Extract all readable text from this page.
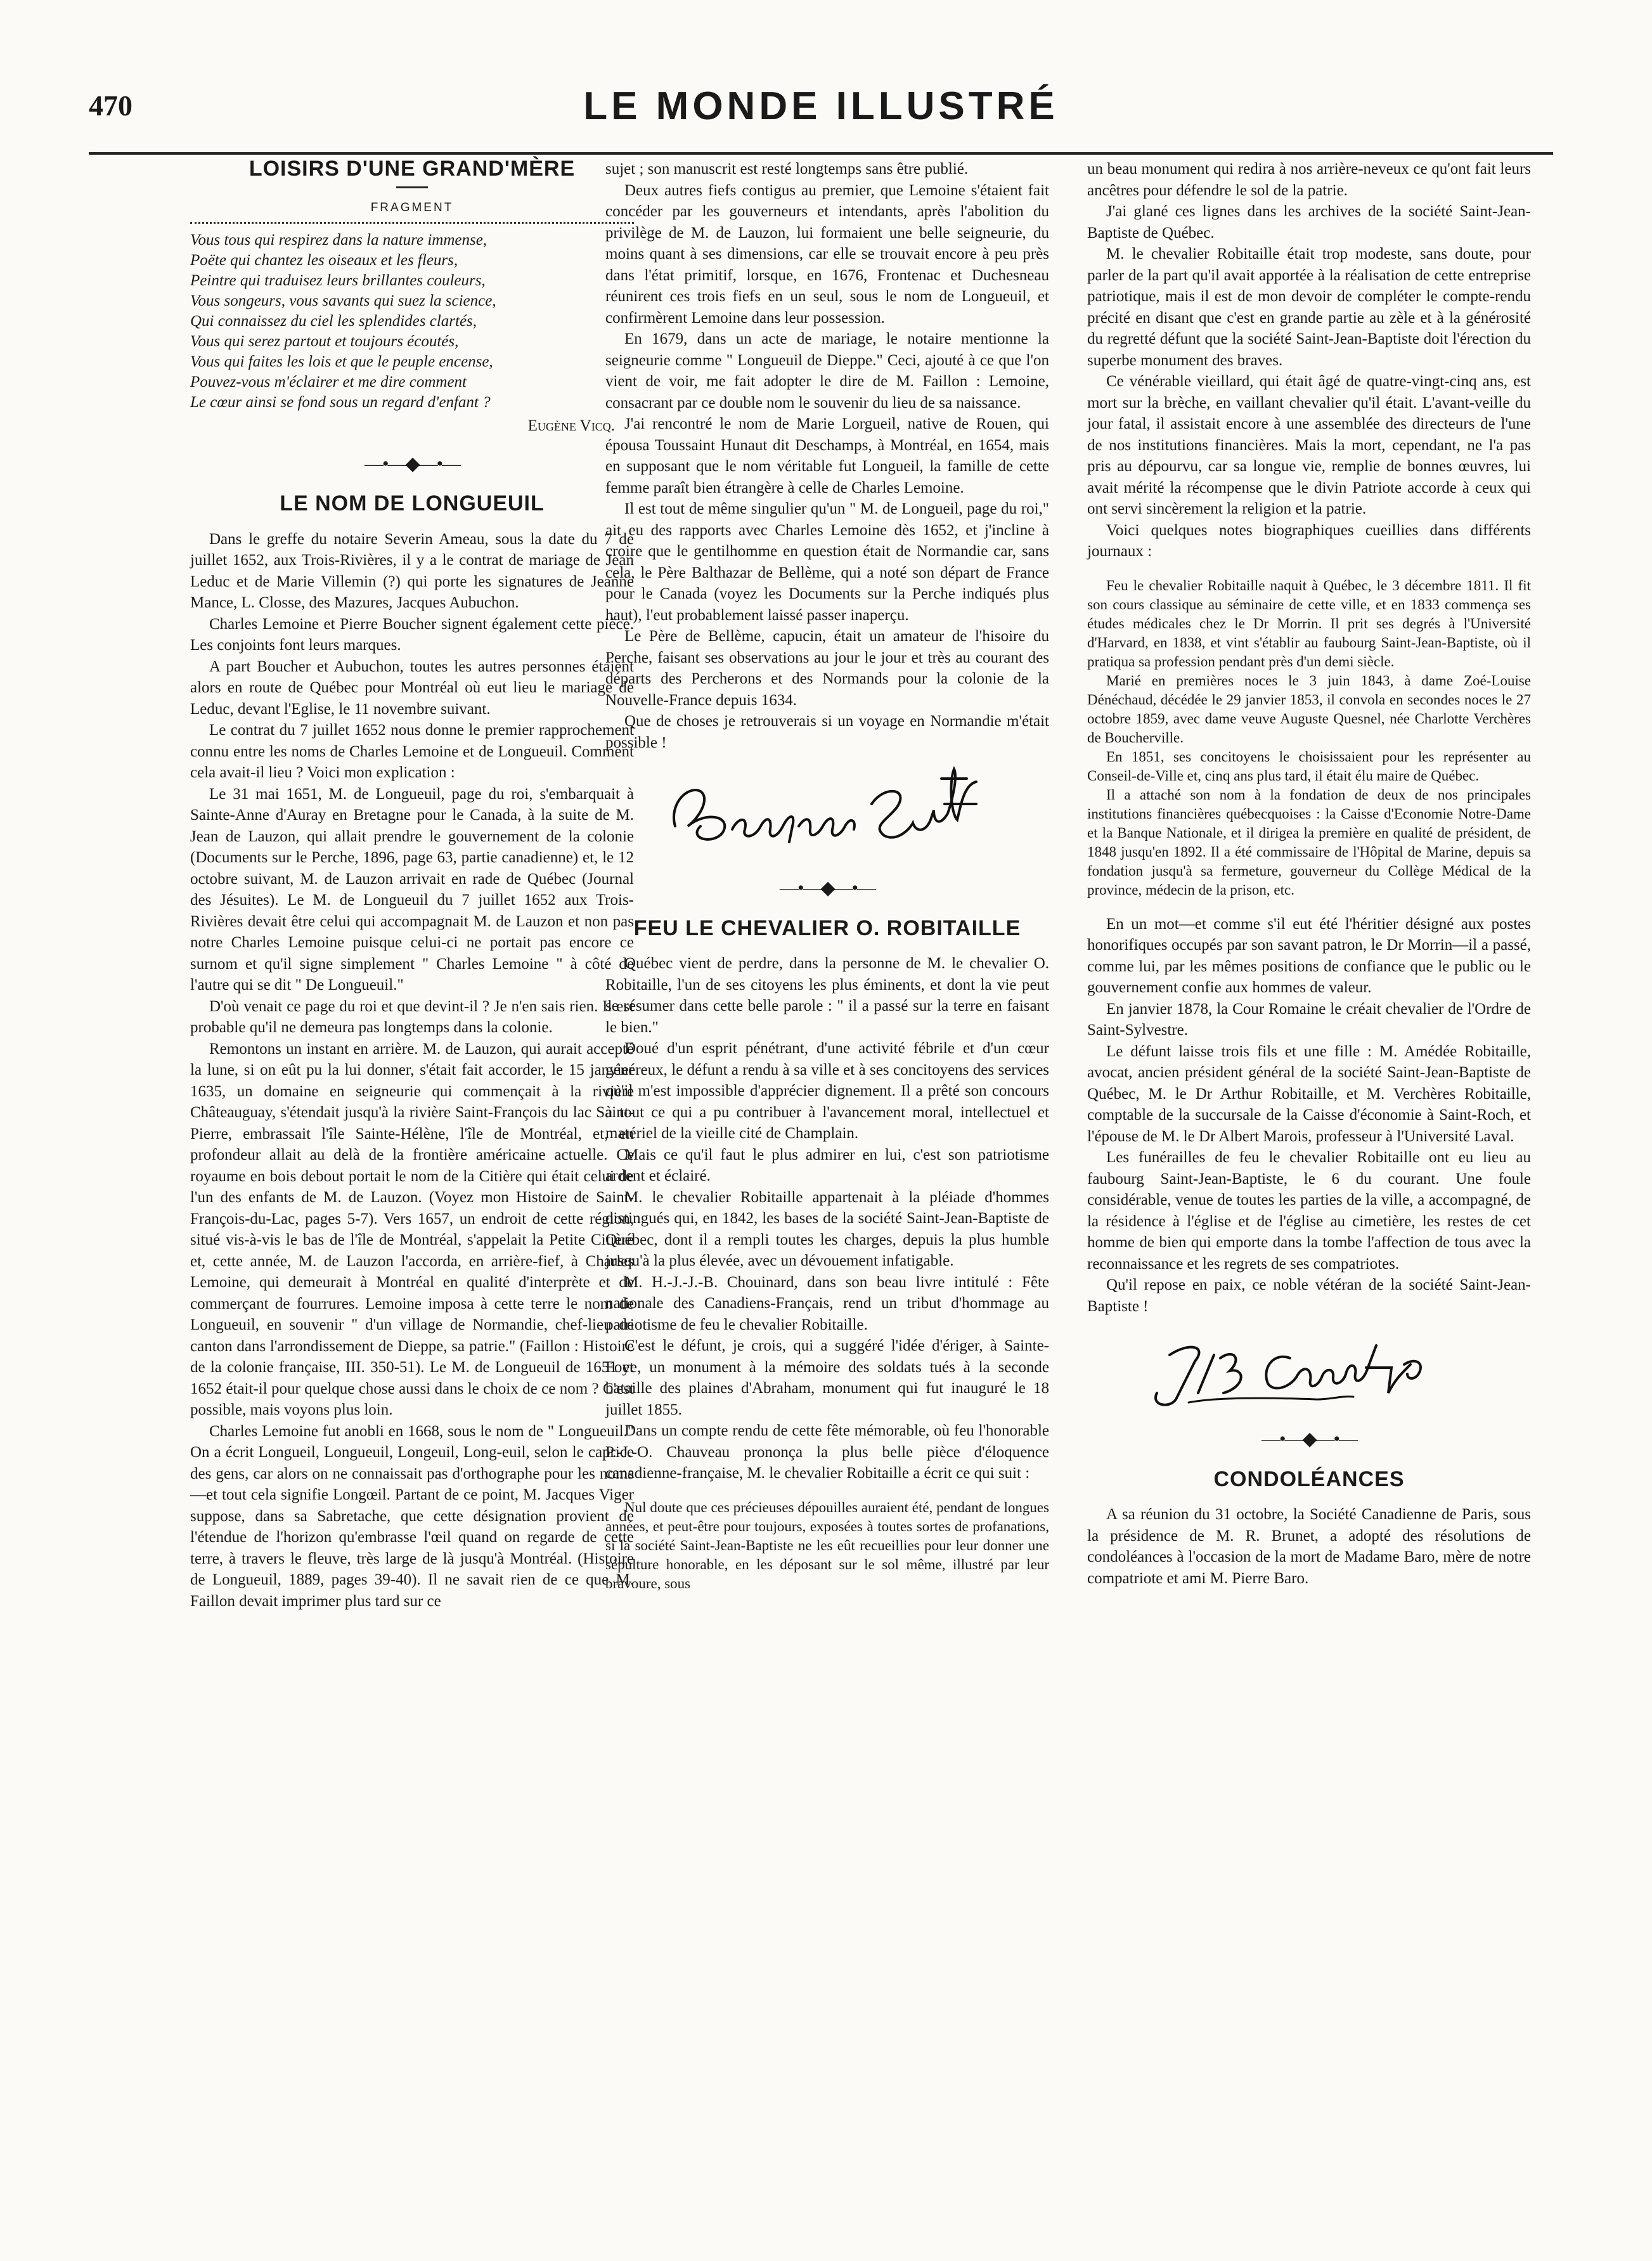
470	LE MONDE ILLUSTRÉ
LOISIRS D'UNE GRAND'MÈRE
FRAGMENT

Vous tous qui respirez dans la nature immense,

Poëte qui chantez les oiseaux et les fleurs,

Peintre qui traduisez leurs brillantes couleurs,

Vous songeurs, vous savants qui suez la science,

Qui connaissez du ciel les splendides clartés,

Vous qui serez partout et toujours écoutés,

Vous qui faites les lois et que le peuple encense,

Pouvez-vous m'éclairer et me dire comment

Le cœur ainsi se fond sous un regard d'enfant ?

Eugène Vicq.
—•—◆—•—
LE NOM DE LONGUEUIL

Dans le greffe du notaire Severin Ameau, sous la date du 7 de juillet 1652, aux Trois-Rivières, il y a le contrat de mariage de Jean Leduc et de Marie Villemin (?) qui porte les signatures de Jeanne Mance, L. Closse, des Mazures, Jacques Aubuchon.

Charles Lemoine et Pierre Boucher signent également cette pièce. Les conjoints font leurs marques.

A part Boucher et Aubuchon, toutes les autres personnes étaient alors en route de Québec pour Montréal où eut lieu le mariage de Leduc, devant l'Eglise, le 11 novembre suivant.

Le contrat du 7 juillet 1652 nous donne le premier rapprochement connu entre les noms de Charles Lemoine et de Longueuil. Comment cela avait-il lieu ? Voici mon explication :

Le 31 mai 1651, M. de Longueuil, page du roi, s'embarquait à Sainte-Anne d'Auray en Bretagne pour le Canada, à la suite de M. Jean de Lauzon, qui allait prendre le gouvernement de la colonie (Documents sur le Perche, 1896, page 63, partie canadienne) et, le 12 octobre suivant, M. de Lauzon arrivait en rade de Québec (Journal des Jésuites). Le M. de Longueuil du 7 juillet 1652 aux Trois-Rivières devait être celui qui accompagnait M. de Lauzon et non pas notre Charles Lemoine puisque celui-ci ne portait pas encore ce surnom et qu'il signe simplement " Charles Lemoine " à côté de l'autre qui se dit " De Longueuil."

D'où venait ce page du roi et que devint-il ? Je n'en sais rien. Il est probable qu'il ne demeura pas longtemps dans la colonie.

Remontons un instant en arrière. M. de Lauzon, qui aurait accepté la lune, si on eût pu la lui donner, s'était fait accorder, le 15 janvier 1635, un domaine en seigneurie qui commençait à la rivière Châteauguay, s'étendait jusqu'à la rivière Saint-François du lac Saint-Pierre, embrassait l'île Sainte-Hélène, l'île de Montréal, et, en profondeur allait au delà de la frontière américaine actuelle. Ce royaume en bois debout portait le nom de la Citière qui était celui de l'un des enfants de M. de Lauzon. (Voyez mon Histoire de Saint-François-du-Lac, pages 5-7). Vers 1657, un endroit de cette région, situé vis-à-vis le bas de l'île de Montréal, s'appelait la Petite Citière et, cette année, M. de Lauzon l'accorda, en arrière-fief, à Charles Lemoine, qui demeurait à Montréal en qualité d'interprète et de commerçant de fourrures. Lemoine imposa à cette terre le nom de Longueuil, en souvenir " d'un village de Normandie, chef-lieu de canton dans l'arrondissement de Dieppe, sa patrie." (Faillon : Histoire de la colonie française, III. 350-51). Le M. de Longueuil de 1651 et 1652 était-il pour quelque chose aussi dans le choix de ce nom ? C'est possible, mais voyons plus loin.

Charles Lemoine fut anobli en 1668, sous le nom de " Longueuil." On a écrit Longueil, Longueuil, Longeuil, Long-euil, selon le caprice des gens, car alors on ne connaissait pas d'orthographe pour les noms—et tout cela signifie Longœil. Partant de ce point, M. Jacques Viger suppose, dans sa Sabretache, que cette désignation provient de l'étendue de l'horizon qu'embrasse l'œil quand on regarde de cette terre, à travers le fleuve, très large de là jusqu'à Montréal. (Histoire de Longueuil, 1889, pages 39-40). Il ne savait rien de ce que M. Faillon devait imprimer plus tard sur ce

sujet ; son manuscrit est resté longtemps sans être publié.

Deux autres fiefs contigus au premier, que Lemoine s'étaient fait concéder par les gouverneurs et intendants, après l'abolition du privilège de M. de Lauzon, lui formaient une belle seigneurie, du moins quant à ses dimensions, car elle se trouvait encore à peu près dans l'état primitif, lorsque, en 1676, Frontenac et Duchesneau réunirent ces trois fiefs en un seul, sous le nom de Longueuil, et confirmèrent Lemoine dans leur possession.

En 1679, dans un acte de mariage, le notaire mentionne la seigneurie comme " Longueuil de Dieppe." Ceci, ajouté à ce que l'on vient de voir, me fait adopter le dire de M. Faillon : Lemoine, consacrant par ce double nom le souvenir du lieu de sa naissance.

J'ai rencontré le nom de Marie Lorgueil, native de Rouen, qui épousa Toussaint Hunaut dit Deschamps, à Montréal, en 1654, mais en supposant que le nom véritable fut Longueil, la famille de cette femme paraît bien étrangère à celle de Charles Lemoine.

Il est tout de même singulier qu'un " M. de Longueil, page du roi," ait eu des rapports avec Charles Lemoine dès 1652, et j'incline à croire que le gentilhomme en question était de Normandie car, sans cela, le Père Balthazar de Bellème, qui a noté son départ de France pour le Canada (voyez les Documents sur la Perche indiqués plus haut), l'eut probablement laissé passer inaperçu.

Le Père de Bellème, capucin, était un amateur de l'hisoire du Perche, faisant ses observations au jour le jour et très au courant des départs des Percherons et des Normands pour la colonie de la Nouvelle-France depuis 1634.

Que de choses je retrouverais si un voyage en Normandie m'était possible !

—•—◆—•—
FEU LE CHEVALIER O. ROBITAILLE

Québec vient de perdre, dans la personne de M. le chevalier O. Robitaille, l'un de ses citoyens les plus éminents, et dont la vie peut se résumer dans cette belle parole : " il a passé sur la terre en faisant le bien."

Doué d'un esprit pénétrant, d'une activité fébrile et d'un cœur généreux, le défunt a rendu à sa ville et à ses concitoyens des services qu'il m'est impossible d'apprécier dignement. Il a prêté son concours à tout ce qui a pu contribuer à l'avancement moral, intellectuel et matériel de la vieille cité de Champlain.

Mais ce qu'il faut le plus admirer en lui, c'est son patriotisme ardent et éclairé.

M. le chevalier Robitaille appartenait à la pléiade d'hommes distingués qui, en 1842, les bases de la société Saint-Jean-Baptiste de Québec, dont il a rempli toutes les charges, depuis la plus humble jusqu'à la plus élevée, avec un dévouement infatigable.

M. H.-J.-J.-B. Chouinard, dans son beau livre intitulé : Fête nationale des Canadiens-Français, rend un tribut d'hommage au patriotisme de feu le chevalier Robitaille.

C'est le défunt, je crois, qui a suggéré l'idée d'ériger, à Sainte-Foye, un monument à la mémoire des soldats tués à la seconde bataille des plaines d'Abraham, monument qui fut inauguré le 18 juillet 1855.

Dans un compte rendu de cette fête mémorable, où feu l'honorable P.-J.-O. Chauveau prononça la plus belle pièce d'éloquence canadienne-française, M. le chevalier Robitaille a écrit ce qui suit :

Nul doute que ces précieuses dépouilles auraient été, pendant de longues années, et peut-être pour toujours, exposées à toutes sortes de profanations, si la société Saint-Jean-Baptiste ne les eût recueillies pour leur donner une sépulture honorable, en les déposant sur le sol même, illustré par leur bravoure, sous

un beau monument qui redira à nos arrière-neveux ce qu'ont fait leurs ancêtres pour défendre le sol de la patrie.

J'ai glané ces lignes dans les archives de la société Saint-Jean-Baptiste de Québec.

M. le chevalier Robitaille était trop modeste, sans doute, pour parler de la part qu'il avait apportée à la réalisation de cette entreprise patriotique, mais il est de mon devoir de compléter le compte-rendu précité en disant que c'est en grande partie au zèle et à la générosité du regretté défunt que la société Saint-Jean-Baptiste doit l'érection du superbe monument des braves.

Ce vénérable vieillard, qui était âgé de quatre-vingt-cinq ans, est mort sur la brèche, en vaillant chevalier qu'il était. L'avant-veille du jour fatal, il assistait encore à une assemblée des directeurs de l'une de nos institutions financières. Mais la mort, cependant, ne l'a pas pris au dépourvu, car sa longue vie, remplie de bonnes œuvres, lui avait mérité la récompense que le divin Patriote accorde à ceux qui ont servi sincèrement la religion et la patrie.

Voici quelques notes biographiques cueillies dans différents journaux :

Feu le chevalier Robitaille naquit à Québec, le 3 décembre 1811. Il fit son cours classique au séminaire de cette ville, et en 1833 commença ses études médicales chez le Dr Morrin. Il prit ses degrés à l'Université d'Harvard, en 1838, et vint s'établir au faubourg Saint-Jean-Baptiste, où il pratiqua sa profession pendant près d'un demi siècle.

Marié en premières noces le 3 juin 1843, à dame Zoé-Louise Dénéchaud, décédée le 29 janvier 1853, il convola en secondes noces le 27 octobre 1859, avec dame veuve Auguste Quesnel, née Charlotte Verchères de Boucherville.

En 1851, ses concitoyens le choisissaient pour les représenter au Conseil-de-Ville et, cinq ans plus tard, il était élu maire de Québec.

Il a attaché son nom à la fondation de deux de nos principales institutions financières québecquoises : la Caisse d'Economie Notre-Dame et la Banque Nationale, et il dirigea la première en qualité de président, de 1848 jusqu'en 1892. Il a été commissaire de l'Hôpital de Marine, depuis sa fondation jusqu'à sa fermeture, gouverneur du Collège Médical de la province, médecin de la prison, etc.

En un mot—et comme s'il eut été l'héritier désigné aux postes honorifiques occupés par son savant patron, le Dr Morrin—il a passé, comme lui, par les mêmes positions de confiance que le public ou le gouvernement confie aux hommes de valeur.

En janvier 1878, la Cour Romaine le créait chevalier de l'Ordre de Saint-Sylvestre.

Le défunt laisse trois fils et une fille : M. Amédée Robitaille, avocat, ancien président général de la société Saint-Jean-Baptiste de Québec, M. le Dr Arthur Robitaille, et M. Verchères Robitaille, comptable de la succursale de la Caisse d'économie à Saint-Roch, et l'épouse de M. le Dr Albert Marois, professeur à l'Université Laval.

Les funérailles de feu le chevalier Robitaille ont eu lieu au faubourg Saint-Jean-Baptiste, le 6 du courant. Une foule considérable, venue de toutes les parties de la ville, a accompagné, de la résidence à l'église et de l'église au cimetière, les restes de cet homme de bien qui emporte dans la tombe l'affection de tous avec la reconnaissance et les regrets de ses compatriotes.

Qu'il repose en paix, ce noble vétéran de la société Saint-Jean-Baptiste !

—•—◆—•—
CONDOLÉANCES

A sa réunion du 31 octobre, la Société Canadienne de Paris, sous la présidence de M. R. Brunet, a adopté des résolutions de condoléances à l'occasion de la mort de Madame Baro, mère de notre compatriote et ami M. Pierre Baro.
